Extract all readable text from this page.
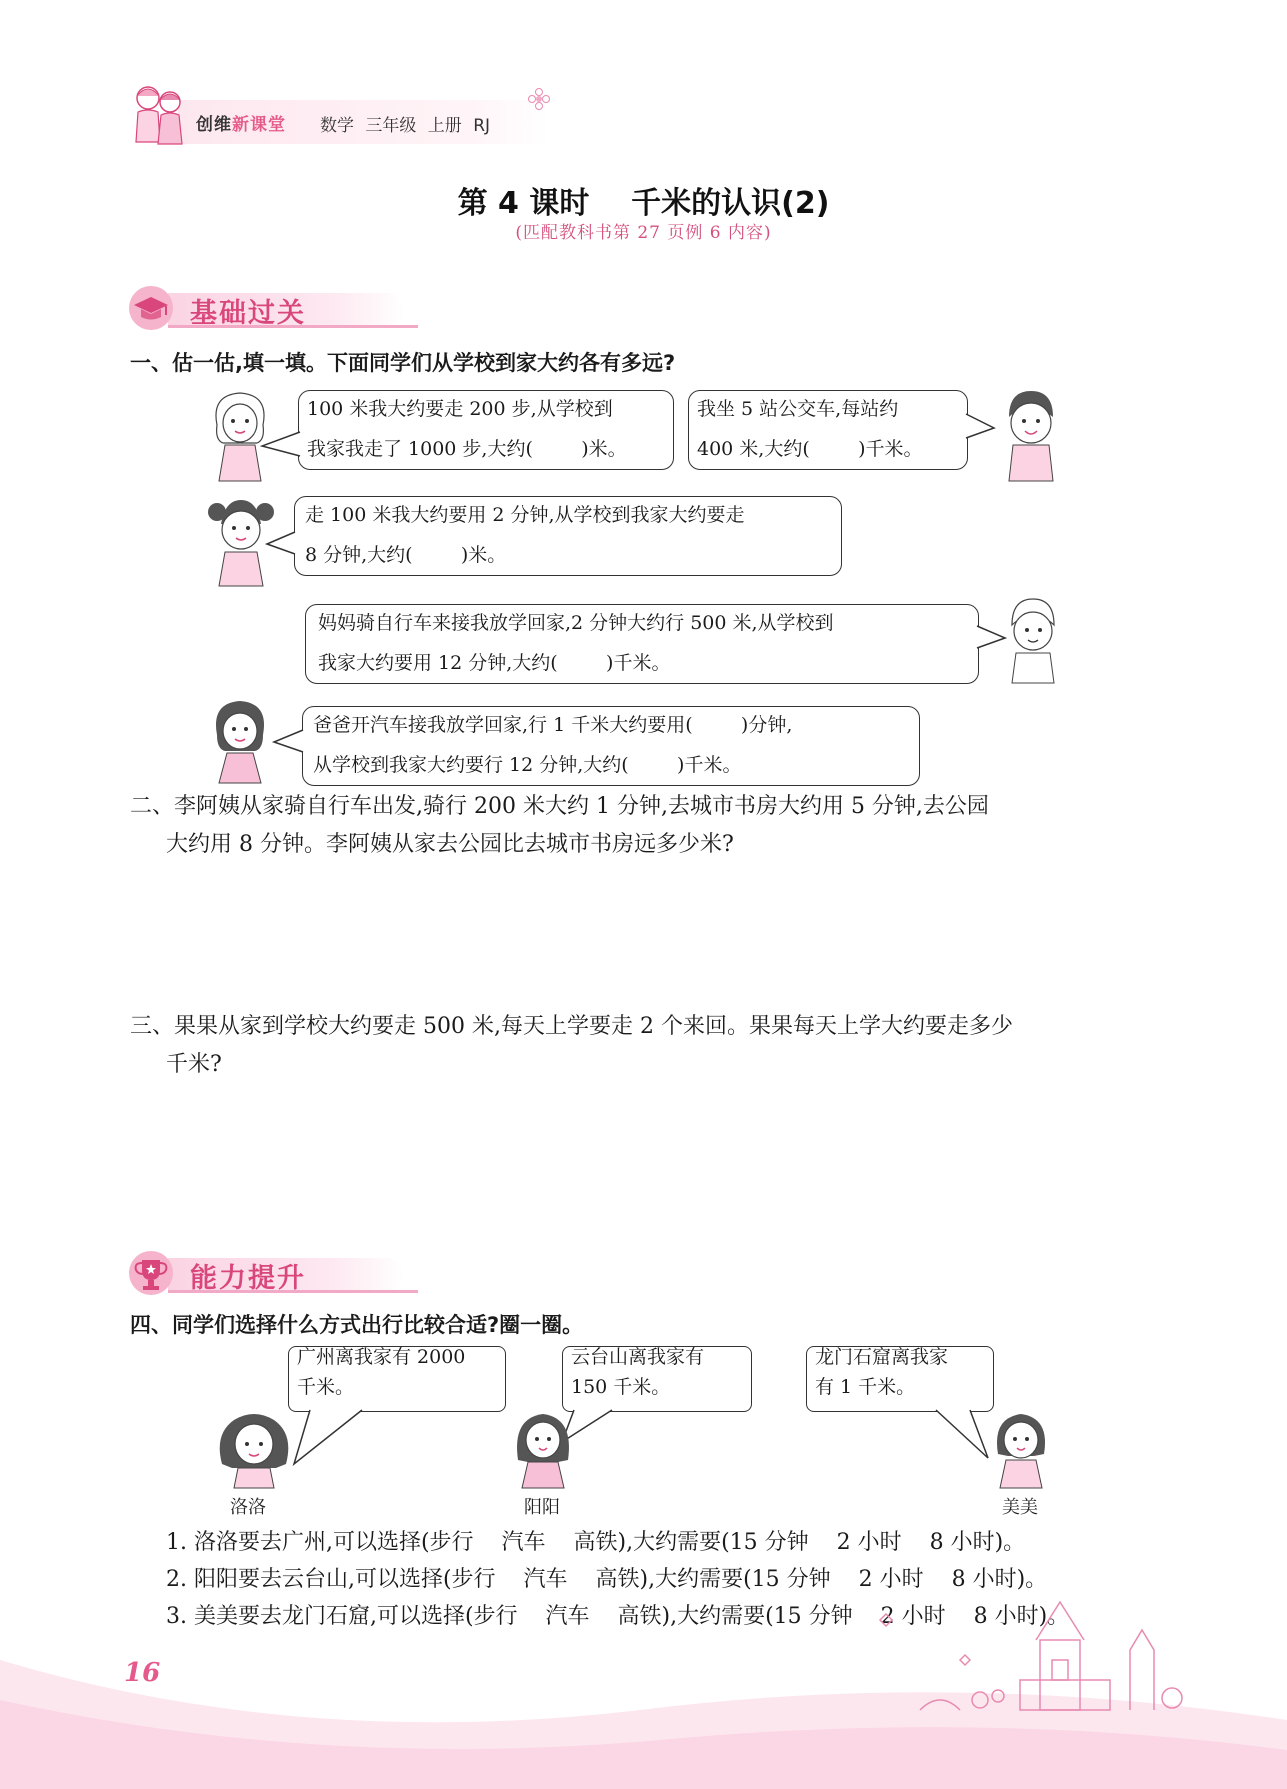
创维新课堂 数学 三年级 上册 RJ
第 4 课时    千米的认识(2)
(匹配教科书第 27 页例 6 内容)
基础过关
一、估一估,填一填。下面同学们从学校到家大约各有多远?
100 米我大约要走 200 步,从学校到
我家我走了 1000 步,大约(        )米。
我坐 5 站公交车,每站约
400 米,大约(        )千米。
走 100 米我大约要用 2 分钟,从学校到我家大约要走
8 分钟,大约(        )米。
妈妈骑自行车来接我放学回家,2 分钟大约行 500 米,从学校到
我家大约要用 12 分钟,大约(        )千米。
爸爸开汽车接我放学回家,行 1 千米大约要用(        )分钟,
从学校到我家大约要行 12 分钟,大约(        )千米。
二、李阿姨从家骑自行车出发,骑行 200 米大约 1 分钟,去城市书房大约用 5 分钟,去公园
大约用 8 分钟。李阿姨从家去公园比去城市书房远多少米?
三、果果从家到学校大约要走 500 米,每天上学要走 2 个来回。果果每天上学大约要走多少
千米?
能力提升
四、同学们选择什么方式出行比较合适?圈一圈。
广州离我家有 2000
千米。
云台山离我家有
150 千米。
龙门石窟离我家
有 1 千米。
洛洛	阳阳	美美
1. 洛洛要去广州,可以选择(步行    汽车    高铁),大约需要(15 分钟    2 小时    8 小时)。
2. 阳阳要去云台山,可以选择(步行    汽车    高铁),大约需要(15 分钟    2 小时    8 小时)。
3. 美美要去龙门石窟,可以选择(步行    汽车    高铁),大约需要(15 分钟    2 小时    8 小时)。
16
